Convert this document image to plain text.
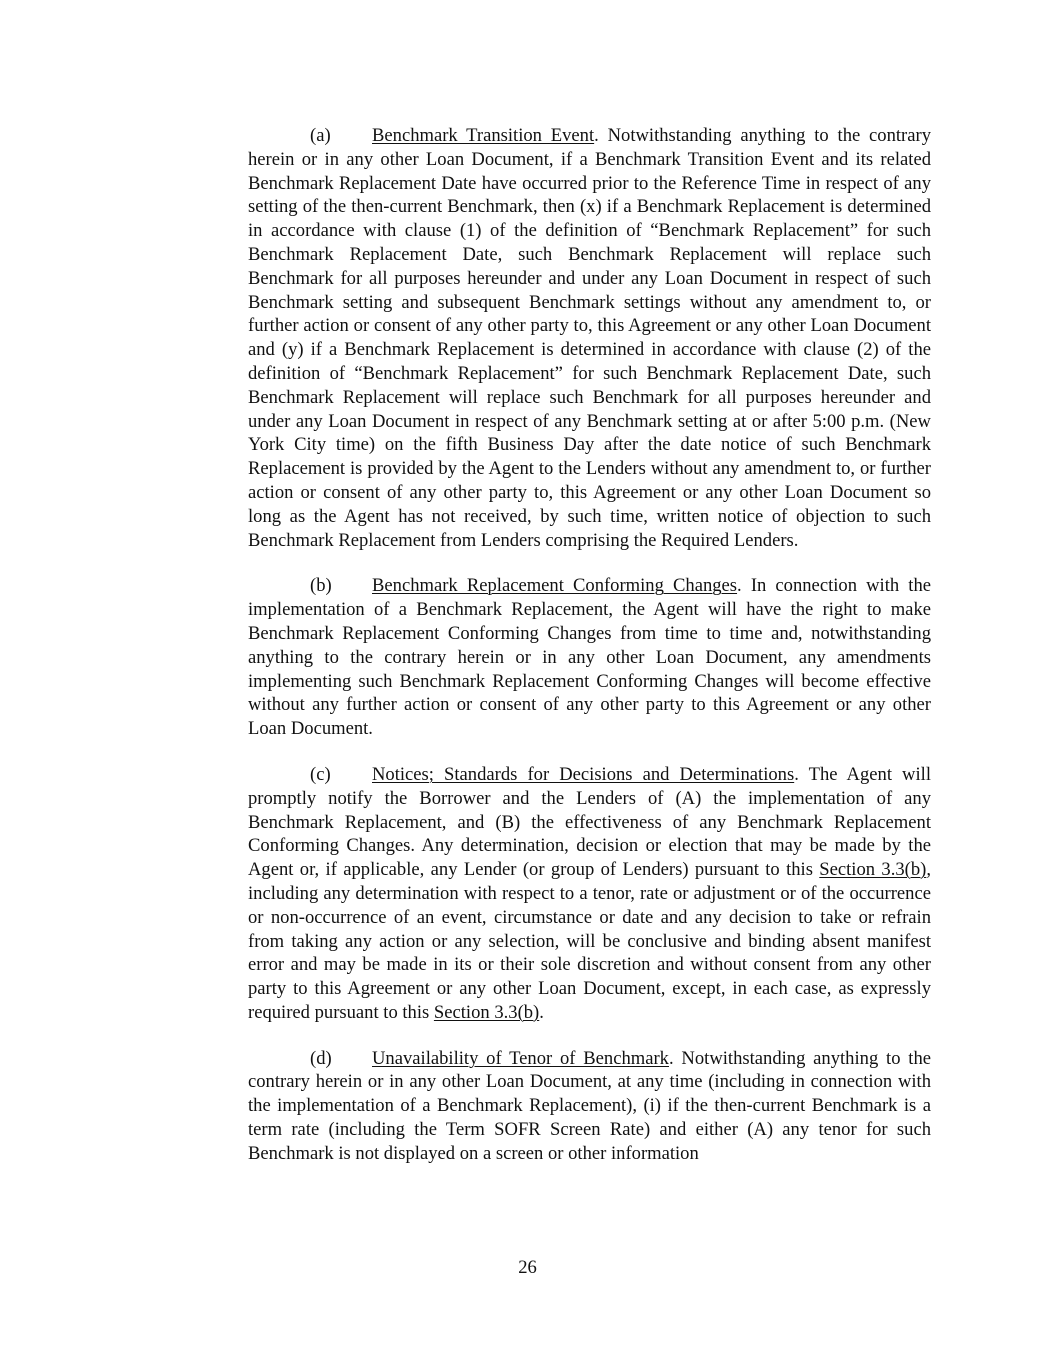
(a) Benchmark Transition Event. Notwithstanding anything to the contrary herein or in any other Loan Document, if a Benchmark Transition Event and its related Benchmark Replacement Date have occurred prior to the Reference Time in respect of any setting of the then-current Benchmark, then (x) if a Benchmark Replacement is determined in accordance with clause (1) of the definition of “Benchmark Replacement” for such Benchmark Replacement Date, such Benchmark Replacement will replace such Benchmark for all purposes hereunder and under any Loan Document in respect of such Benchmark setting and subsequent Benchmark settings without any amendment to, or further action or consent of any other party to, this Agreement or any other Loan Document and (y) if a Benchmark Replacement is determined in accordance with clause (2) of the definition of “Benchmark Replacement” for such Benchmark Replacement Date, such Benchmark Replacement will replace such Benchmark for all purposes hereunder and under any Loan Document in respect of any Benchmark setting at or after 5:00 p.m. (New York City time) on the fifth Business Day after the date notice of such Benchmark Replacement is provided by the Agent to the Lenders without any amendment to, or further action or consent of any other party to, this Agreement or any other Loan Document so long as the Agent has not received, by such time, written notice of objection to such Benchmark Replacement from Lenders comprising the Required Lenders.

(b) Benchmark Replacement Conforming Changes. In connection with the implementation of a Benchmark Replacement, the Agent will have the right to make Benchmark Replacement Conforming Changes from time to time and, notwithstanding anything to the contrary herein or in any other Loan Document, any amendments implementing such Benchmark Replacement Conforming Changes will become effective without any further action or consent of any other party to this Agreement or any other Loan Document.

(c) Notices; Standards for Decisions and Determinations. The Agent will promptly notify the Borrower and the Lenders of (A) the implementation of any Benchmark Replacement, and (B) the effectiveness of any Benchmark Replacement Conforming Changes. Any determination, decision or election that may be made by the Agent or, if applicable, any Lender (or group of Lenders) pursuant to this Section 3.3(b), including any determination with respect to a tenor, rate or adjustment or of the occurrence or non-occurrence of an event, circumstance or date and any decision to take or refrain from taking any action or any selection, will be conclusive and binding absent manifest error and may be made in its or their sole discretion and without consent from any other party to this Agreement or any other Loan Document, except, in each case, as expressly required pursuant to this Section 3.3(b).

(d) Unavailability of Tenor of Benchmark. Notwithstanding anything to the contrary herein or in any other Loan Document, at any time (including in connection with the implementation of a Benchmark Replacement), (i) if the then-current Benchmark is a term rate (including the Term SOFR Screen Rate) and either (A) any tenor for such Benchmark is not displayed on a screen or other information

26
